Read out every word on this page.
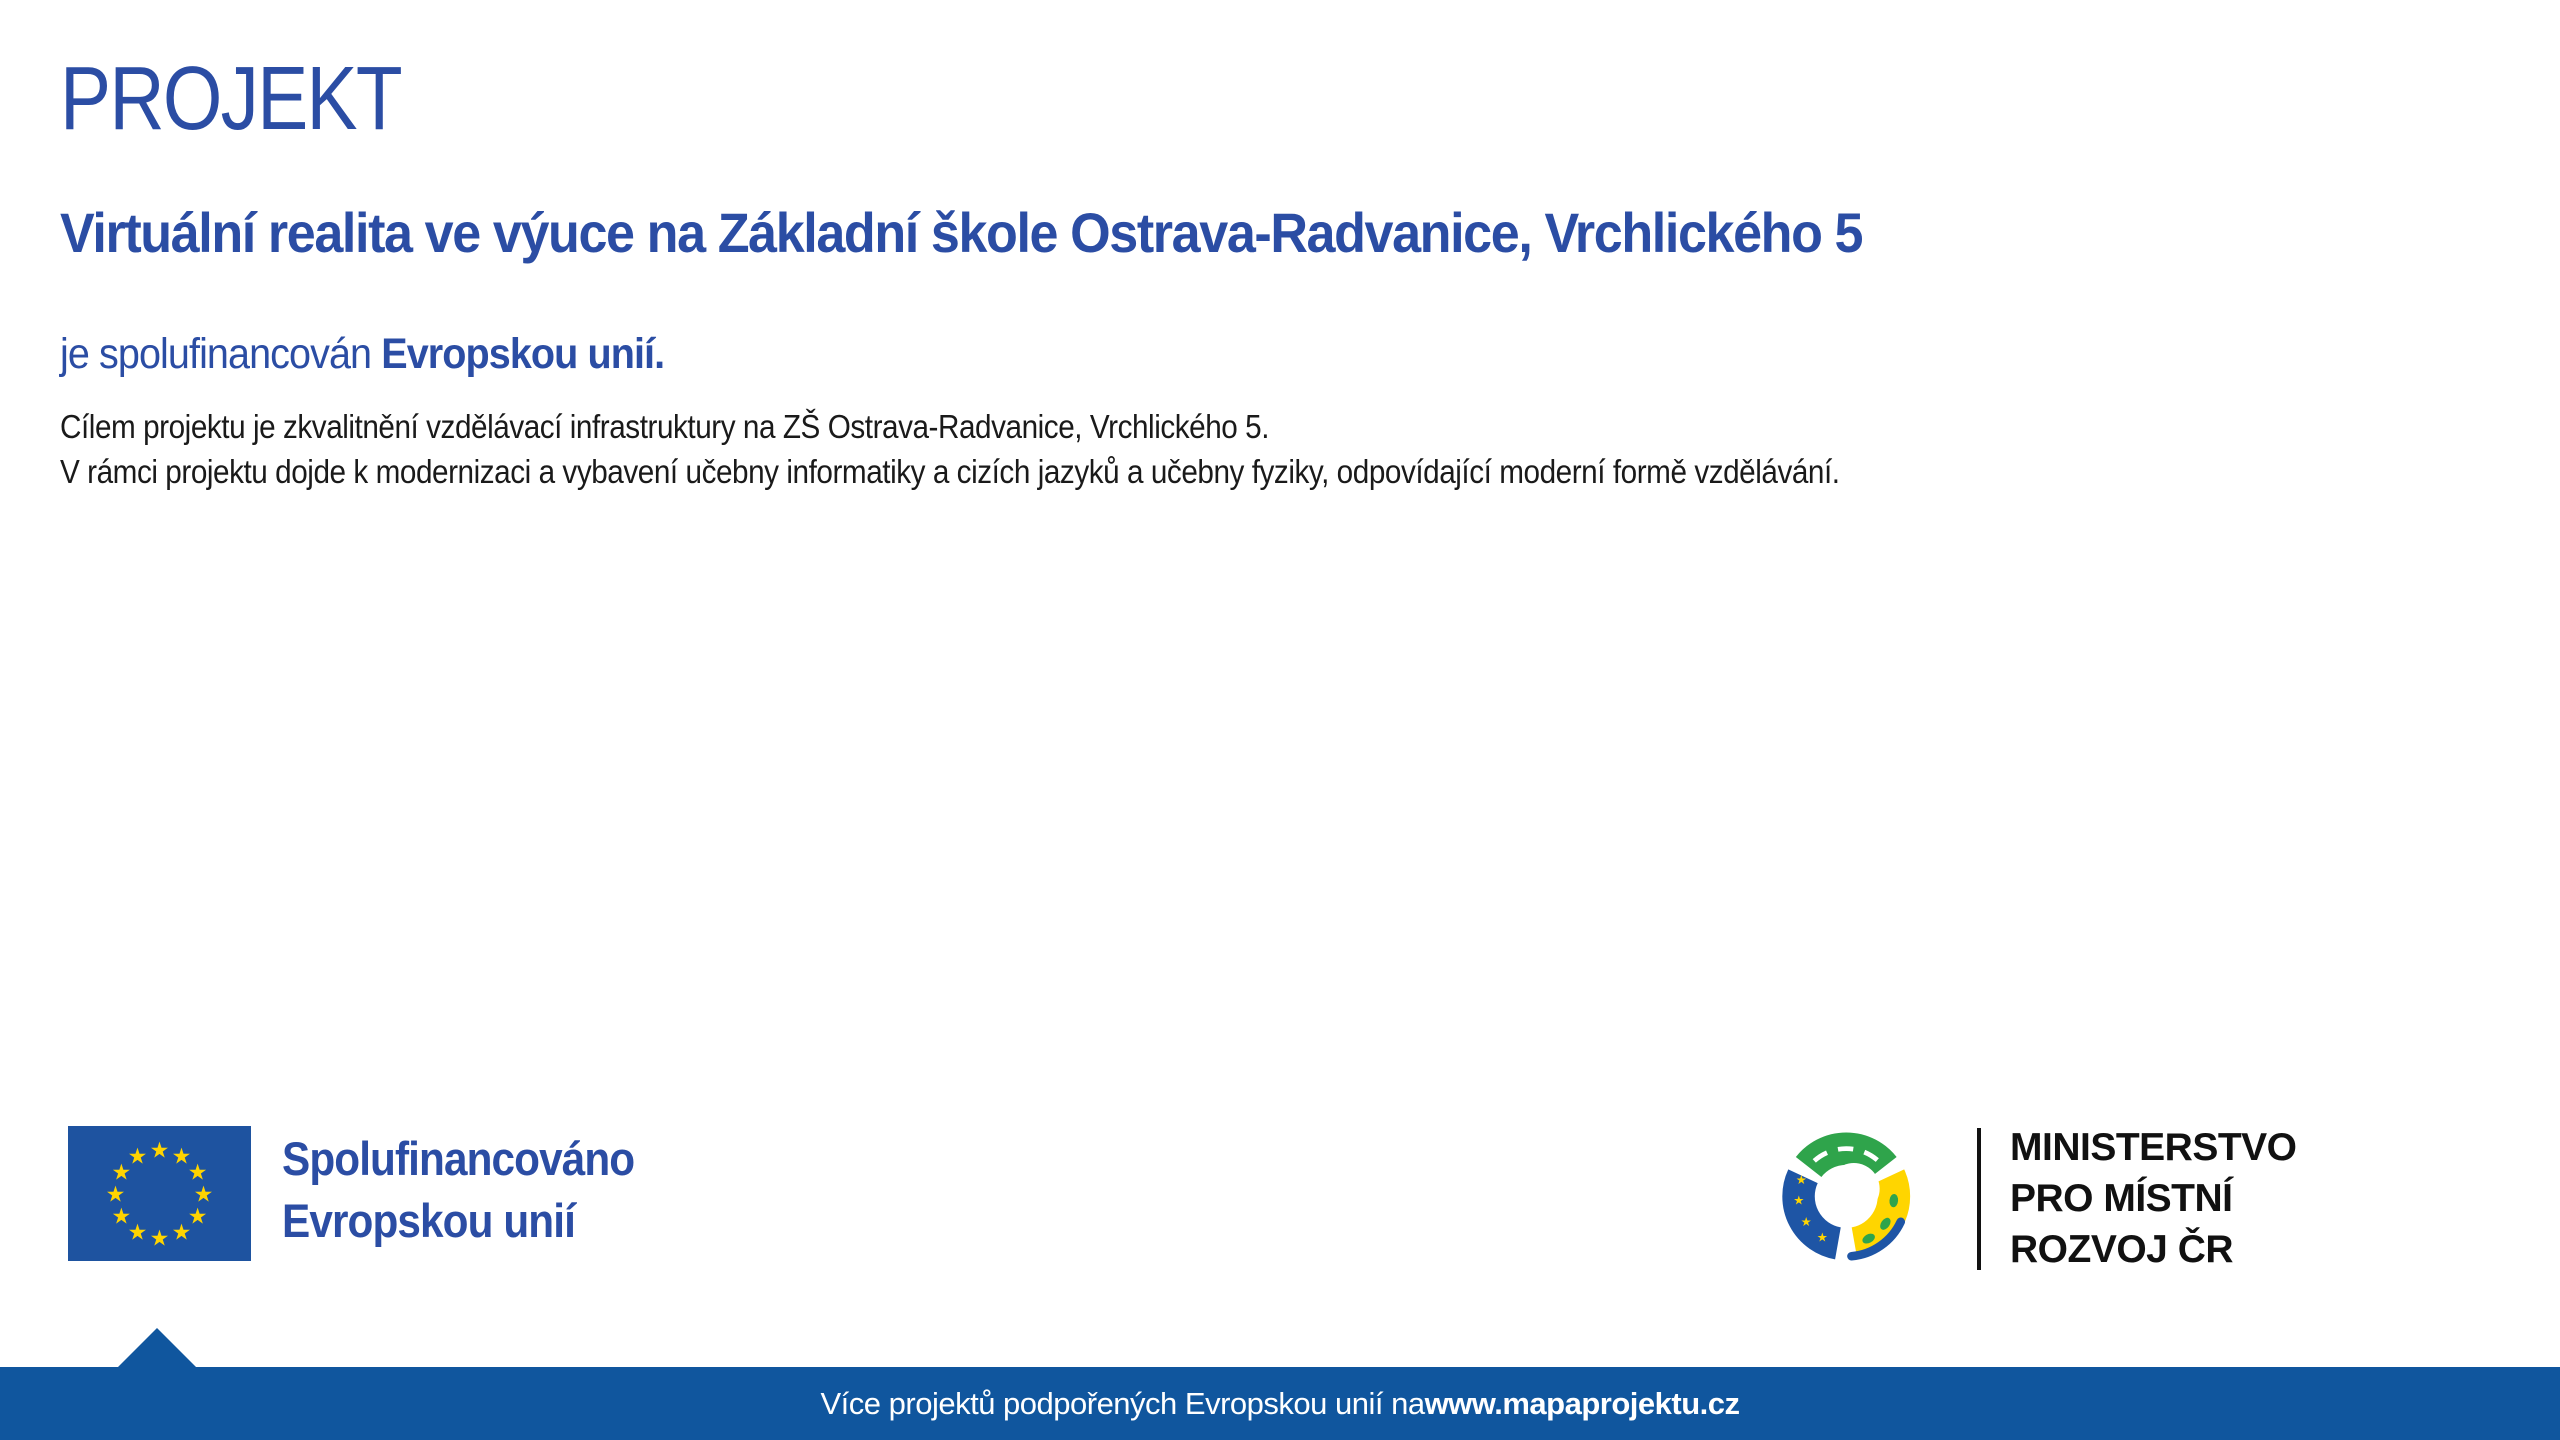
PROJEKT
Virtuální realita ve výuce na Základní škole Ostrava-Radvanice, Vrchlického 5
je spolufinancován Evropskou unií.
Cílem projektu je zkvalitnění vzdělávací infrastruktury na ZŠ Ostrava-Radvanice, Vrchlického 5.
V rámci projektu dojde k modernizaci a vybavení učebny informatiky a cizích jazyků a učebny fyziky, odpovídající moderní formě vzdělávání.
★ ★
★
★
★
★
★
★
★
★
★
★	Spolufinancováno
Evropskou unií	★
★
★
★
MINISTERSTVO
PRO MÍSTNÍ
ROZVOJ ČR
Více projektů podpořených Evropskou unií na www.mapaprojektu.cz
